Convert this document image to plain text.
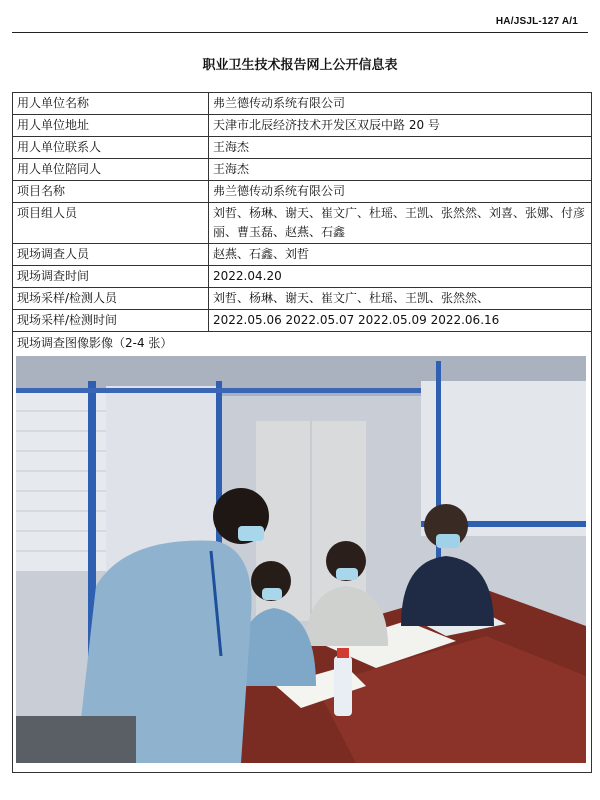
HA/JSJL-127 A/1
职业卫生技术报告网上公开信息表
用人单位名称	弗兰德传动系统有限公司
用人单位地址	天津市北辰经济技术开发区双辰中路 20 号
用人单位联系人	王海杰
用人单位陪同人	王海杰
项目名称	弗兰德传动系统有限公司
项目组人员	刘哲、杨琳、谢天、崔文广、杜瑶、王凯、张然然、刘喜、张娜、付彦丽、曹玉磊、赵燕、石鑫
现场调查人员	赵燕、石鑫、刘哲
现场调查时间	2022.04.20
现场采样/检测人员	刘哲、杨琳、谢天、崔文广、杜瑶、王凯、张然然、
现场采样/检测时间	2022.05.06 2022.05.07 2022.05.09 2022.06.16

现场调查图像影像（2-4 张）	
